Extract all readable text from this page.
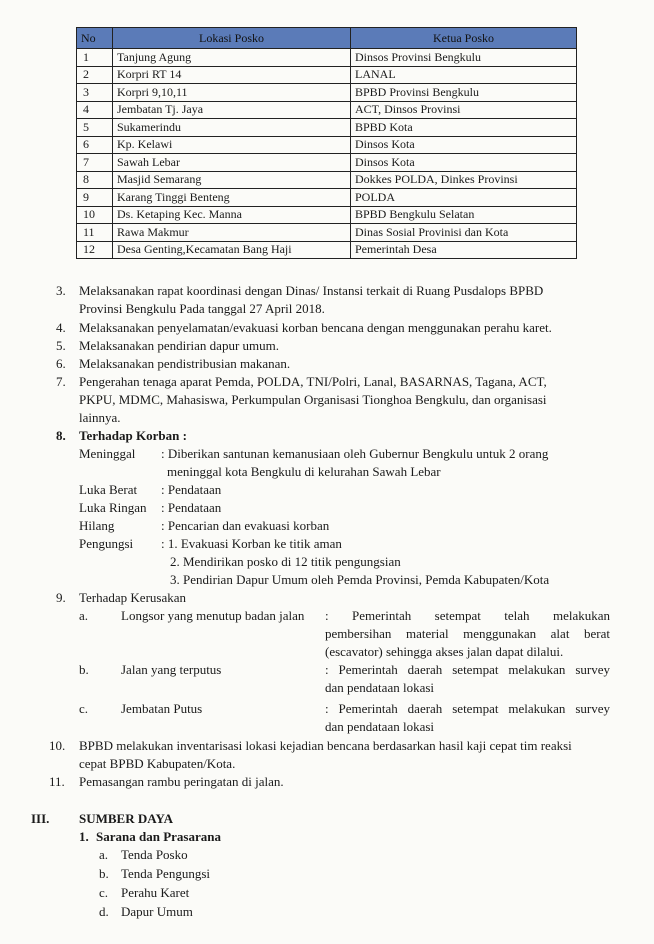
No	Lokasi Posko	Ketua Posko
1	Tanjung Agung	Dinsos Provinsi Bengkulu
2	Korpri RT 14	LANAL
3	Korpri 9,10,11	BPBD Provinsi Bengkulu
4	Jembatan Tj. Jaya	ACT, Dinsos Provinsi
5	Sukamerindu	BPBD Kota
6	Kp. Kelawi	Dinsos Kota
7	Sawah Lebar	Dinsos Kota
8	Masjid Semarang	Dokkes POLDA, Dinkes Provinsi
9	Karang Tinggi Benteng	POLDA
10	Ds. Ketaping Kec. Manna	BPBD Bengkulu Selatan
11	Rawa Makmur	Dinas Sosial Provinisi dan Kota
12	Desa Genting,Kecamatan Bang Haji	Pemerintah Desa
3. Melaksanakan rapat koordinasi dengan Dinas/ Instansi terkait di Ruang Pusdalops BPBD
Provinsi Bengkulu Pada tanggal 27 April 2018.
4. Melaksanakan penyelamatan/evakuasi korban bencana dengan menggunakan perahu karet.
5. Melaksanakan pendirian dapur umum.
6. Melaksanakan pendistribusian makanan.
7. Pengerahan tenaga aparat Pemda, POLDA, TNI/Polri, Lanal, BASARNAS, Tagana, ACT,
PKPU, MDMC, Mahasiswa, Perkumpulan Organisasi Tionghoa Bengkulu, dan organisasi
lainnya.
8. Terhadap Korban :
Meninggal : Diberikan santunan kemanusiaan oleh Gubernur Bengkulu untuk 2 orang
meninggal kota Bengkulu di kelurahan Sawah Lebar
Luka Berat : Pendataan
Luka Ringan : Pendataan
Hilang	: Pencarian dan evakuasi korban
Pengungsi : 1. Evakuasi Korban ke titik aman
2. Mendirikan posko di 12 titik pengungsian
3. Pendirian Dapur Umum oleh Pemda Provinsi, Pemda Kabupaten/Kota
9. Terhadap Kerusakan
a.	Longsor yang menutup badan jalan : Pemerintah setempat telah melakukan
pembersihan material menggunakan alat berat
(escavator) sehingga akses jalan dapat dilalui.
b. Jalan yang terputus	: Pemerintah daerah setempat melakukan survey
dan pendataan lokasi
c.	Jembatan Putus	: Pemerintah daerah setempat melakukan survey
dan pendataan lokasi
10. BPBD melakukan inventarisasi lokasi kejadian bencana berdasarkan hasil kaji cepat tim reaksi
cepat BPBD Kabupaten/Kota.
11. Pemasangan rambu peringatan di jalan.
III. SUMBER DAYA
1. Sarana dan Prasarana
a. Tenda Posko
b. Tenda Pengungsi
c. Perahu Karet
d. Dapur Umum
